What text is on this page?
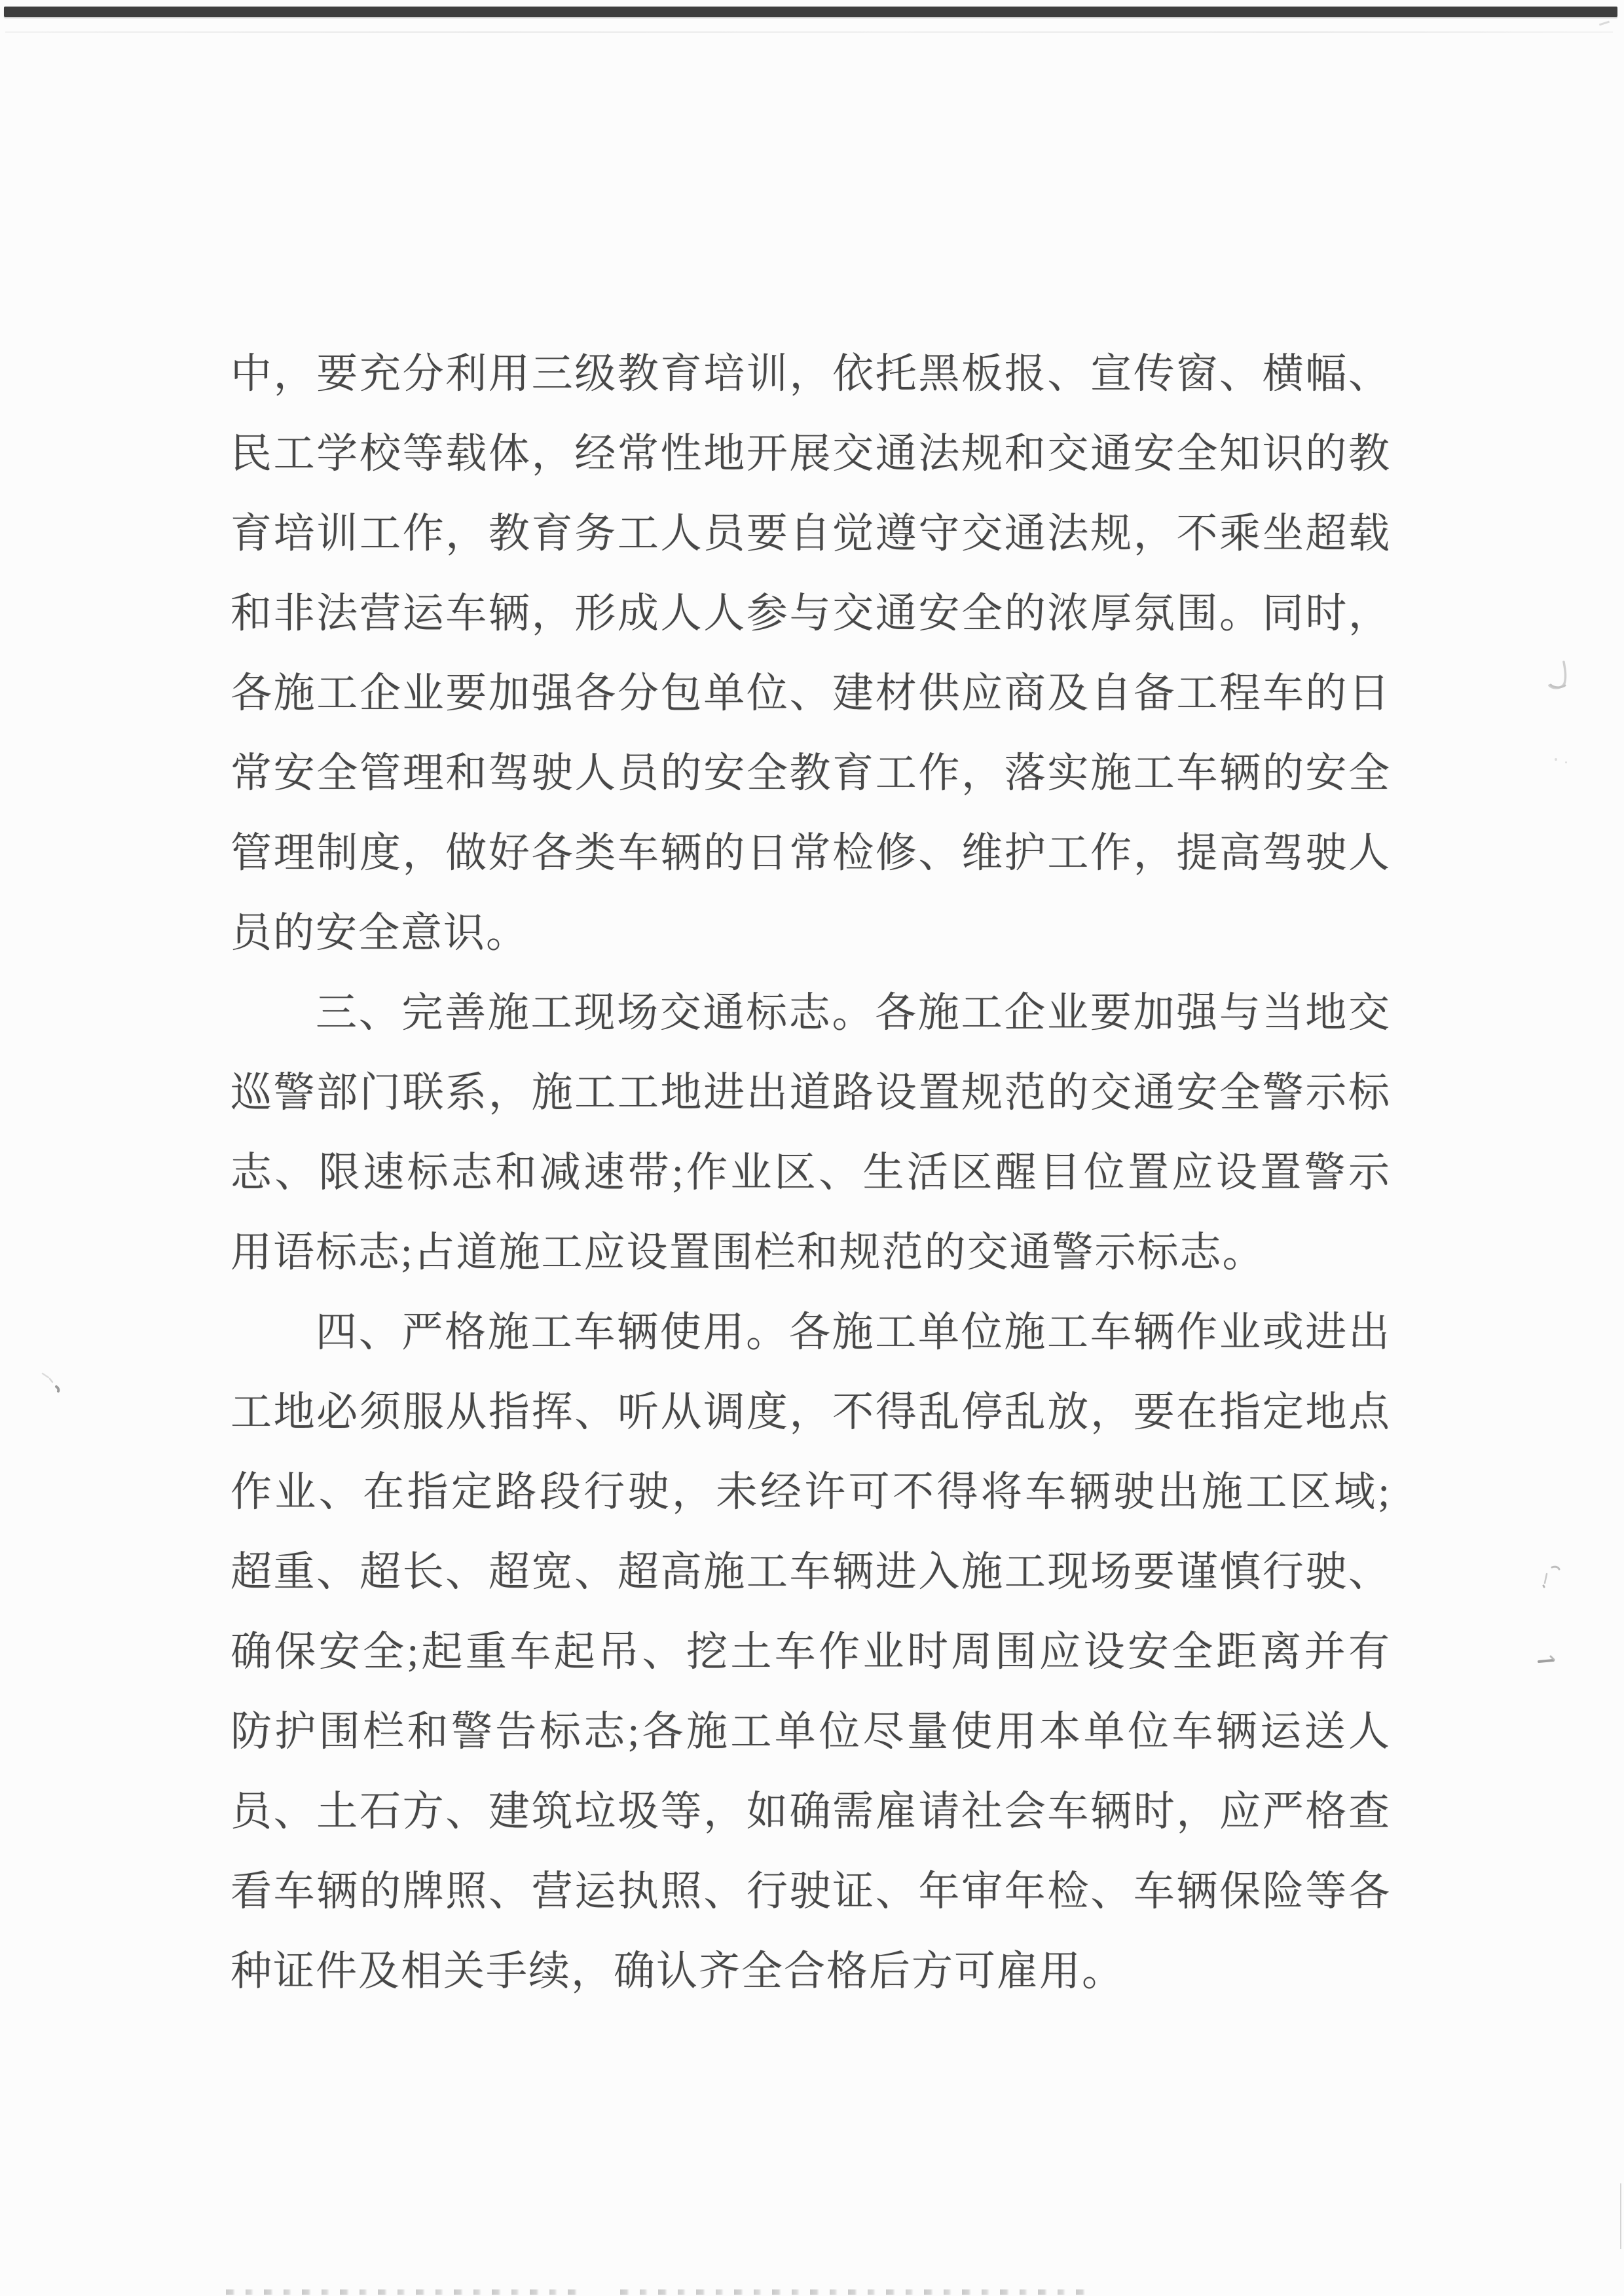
中，要充分利用三级教育培训，依托黑板报、宣传窗、横幅、
民工学校等载体，经常性地开展交通法规和交通安全知识的教
育培训工作，教育务工人员要自觉遵守交通法规，不乘坐超载
和非法营运车辆，形成人人参与交通安全的浓厚氛围。同时，
各施工企业要加强各分包单位、建材供应商及自备工程车的日
常安全管理和驾驶人员的安全教育工作，落实施工车辆的安全
管理制度，做好各类车辆的日常检修、维护工作，提高驾驶人
员的安全意识。
三、完善施工现场交通标志。各施工企业要加强与当地交
巡警部门联系，施工工地进出道路设置规范的交通安全警示标
志、限速标志和减速带;作业区、生活区醒目位置应设置警示
用语标志;占道施工应设置围栏和规范的交通警示标志。
四、严格施工车辆使用。各施工单位施工车辆作业或进出
工地必须服从指挥、听从调度，不得乱停乱放，要在指定地点
作业、在指定路段行驶，未经许可不得将车辆驶出施工区域;
超重、超长、超宽、超高施工车辆进入施工现场要谨慎行驶、
确保安全;起重车起吊、挖土车作业时周围应设安全距离并有
防护围栏和警告标志;各施工单位尽量使用本单位车辆运送人
员、土石方、建筑垃圾等，如确需雇请社会车辆时，应严格查
看车辆的牌照、营运执照、行驶证、年审年检、车辆保险等各
种证件及相关手续，确认齐全合格后方可雇用。
